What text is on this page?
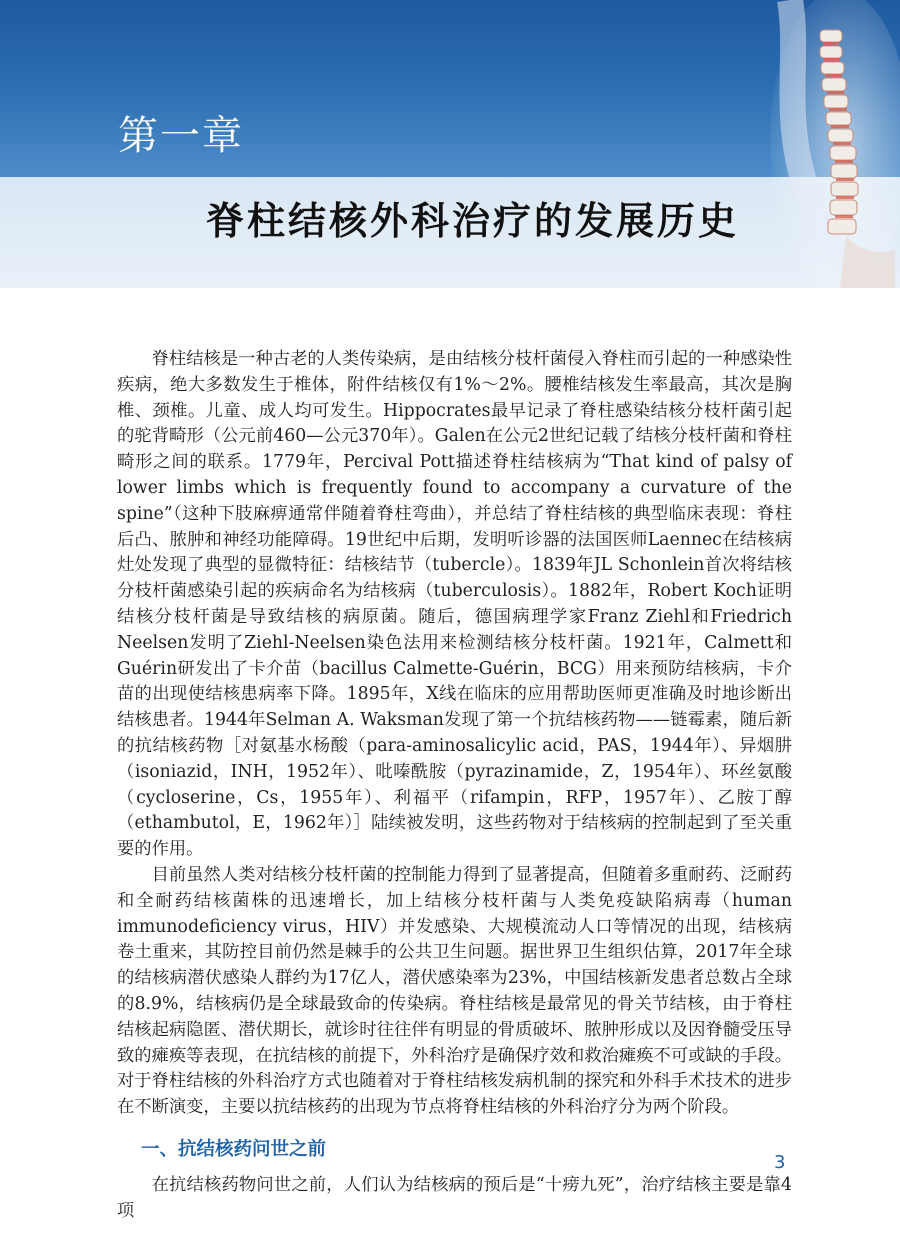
第一章
脊柱结核外科治疗的发展历史

脊柱结核是一种古老的人类传染病，是由结核分枝杆菌侵入脊柱而引起的一种感染性疾病，绝大多数发生于椎体，附件结核仅有1%～2%。腰椎结核发生率最高，其次是胸椎、颈椎。儿童、成人均可发生。Hippocrates最早记录了脊柱感染结核分枝杆菌引起的驼背畸形（公元前460—公元370年）。Galen在公元2世纪记载了结核分枝杆菌和脊柱畸形之间的联系。1779年，Percival Pott描述脊柱结核病为“That kind of palsy of lower limbs which is frequently found to accompany a curvature of the spine”（这种下肢麻痹通常伴随着脊柱弯曲），并总结了脊柱结核的典型临床表现：脊柱后凸、脓肿和神经功能障碍。19世纪中后期，发明听诊器的法国医师Laennec在结核病灶处发现了典型的显微特征：结核结节（tubercle）。1839年JL Schonlein首次将结核分枝杆菌感染引起的疾病命名为结核病（tuberculosis）。1882年，Robert Koch证明结核分枝杆菌是导致结核的病原菌。随后，德国病理学家Franz Ziehl和Friedrich Neelsen发明了Ziehl-Neelsen染色法用来检测结核分枝杆菌。1921年，Calmett和Guérin研发出了卡介苗（bacillus Calmette-Guérin，BCG）用来预防结核病，卡介苗的出现使结核患病率下降。1895年，X线在临床的应用帮助医师更准确及时地诊断出结核患者。1944年Selman A. Waksman发现了第一个抗结核药物——链霉素，随后新的抗结核药物［对氨基水杨酸（para-aminosalicylic acid，PAS，1944年）、异烟肼（isoniazid，INH，1952年）、吡嗪酰胺（pyrazinamide，Z，1954年）、环丝氨酸（cycloserine，Cs，1955年）、利福平（rifampin，RFP，1957年）、乙胺丁醇（ethambutol，E，1962年）］陆续被发明，这些药物对于结核病的控制起到了至关重要的作用。

目前虽然人类对结核分枝杆菌的控制能力得到了显著提高，但随着多重耐药、泛耐药和全耐药结核菌株的迅速增长，加上结核分枝杆菌与人类免疫缺陷病毒（human immunodeficiency virus，HIV）并发感染、大规模流动人口等情况的出现，结核病卷土重来，其防控目前仍然是棘手的公共卫生问题。据世界卫生组织估算，2017年全球的结核病潜伏感染人群约为17亿人，潜伏感染率为23%，中国结核新发患者总数占全球的8.9%，结核病仍是全球最致命的传染病。脊柱结核是最常见的骨关节结核，由于脊柱结核起病隐匿、潜伏期长，就诊时往往伴有明显的骨质破坏、脓肿形成以及因脊髓受压导致的瘫痪等表现，在抗结核的前提下，外科治疗是确保疗效和救治瘫痪不可或缺的手段。对于脊柱结核的外科治疗方式也随着对于脊柱结核发病机制的探究和外科手术技术的进步在不断演变，主要以抗结核药的出现为节点将脊柱结核的外科治疗分为两个阶段。

一、抗结核药问世之前

在抗结核药物问世之前，人们认为结核病的预后是“十痨九死”，治疗结核主要是靠4项

3
